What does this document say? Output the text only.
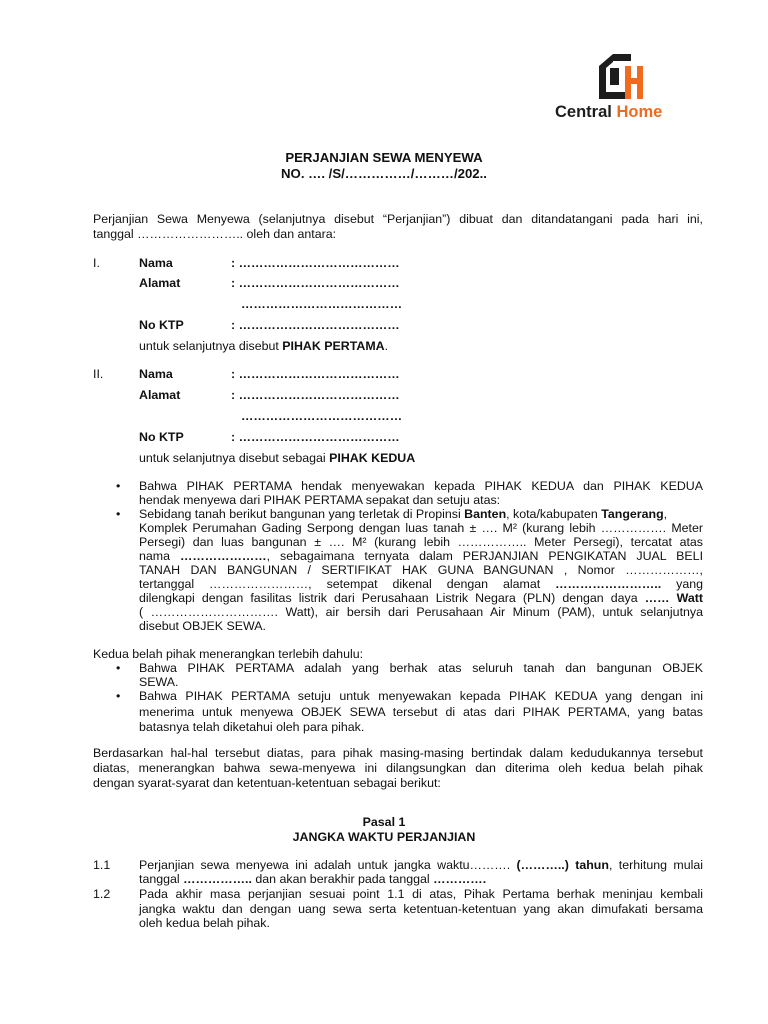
Central Home
PERJANJIAN SEWA MENYEWA
NO. …. /S/……………/………/202..
Perjanjian Sewa Menyewa (selanjutnya disebut “Perjanjian”) dibuat dan ditandatangani pada hari ini,
tanggal …………………….. oleh dan antara:
I.	Nama	: …………………………………
Alamat	: …………………………………
…………………………………
No KTP	: …………………………………
untuk selanjutnya disebut PIHAK PERTAMA.
II.	Nama	: …………………………………
Alamat	: …………………………………
…………………………………
No KTP	: …………………………………
untuk selanjutnya disebut sebagai PIHAK KEDUA
• Bahwa PIHAK PERTAMA hendak menyewakan kepada PIHAK KEDUA dan PIHAK KEDUA
hendak menyewa dari PIHAK PERTAMA sepakat dan setuju atas:
• Sebidang tanah berikut bangunan yang terletak di Propinsi Banten, kota/kabupaten Tangerang,
Komplek Perumahan Gading Serpong dengan luas tanah ± …. M² (kurang lebih ……………. Meter
Persegi) dan luas bangunan ± …. M² (kurang lebih …………….. Meter Persegi), tercatat atas
nama …………………, sebagaimana ternyata dalam PERJANJIAN PENGIKATAN JUAL BELI
TANAH DAN BANGUNAN / SERTIFIKAT HAK GUNA BANGUNAN , Nomor ………………,
tertanggal ……………………, setempat dikenal dengan alamat …………………….. yang
dilengkapi dengan fasilitas listrik dari Perusahaan Listrik Negara (PLN) dengan daya …… Watt
( …………………………. Watt), air bersih dari Perusahaan Air Minum (PAM), untuk selanjutnya
disebut OBJEK SEWA.
Kedua belah pihak menerangkan terlebih dahulu:
• Bahwa PIHAK PERTAMA adalah yang berhak atas seluruh tanah dan bangunan OBJEK
SEWA.
• Bahwa PIHAK PERTAMA setuju untuk menyewakan kepada PIHAK KEDUA yang dengan ini
menerima untuk menyewa OBJEK SEWA tersebut di atas dari PIHAK PERTAMA, yang batas
batasnya telah diketahui oleh para pihak.
Berdasarkan hal-hal tersebut diatas, para pihak masing-masing bertindak dalam kedudukannya tersebut
diatas, menerangkan bahwa sewa-menyewa ini dilangsungkan dan diterima oleh kedua belah pihak
dengan syarat-syarat dan ketentuan-ketentuan sebagai berikut:
Pasal 1
JANGKA WAKTU PERJANJIAN
1.1 Perjanjian sewa menyewa ini adalah untuk jangka waktu………. (………..) tahun, terhitung mulai
tanggal …………….. dan akan berakhir pada tanggal ………….
1.2 Pada akhir masa perjanjian sesuai point 1.1 di atas, Pihak Pertama berhak meninjau kembali
jangka waktu dan dengan uang sewa serta ketentuan-ketentuan yang akan dimufakati bersama
oleh kedua belah pihak.
